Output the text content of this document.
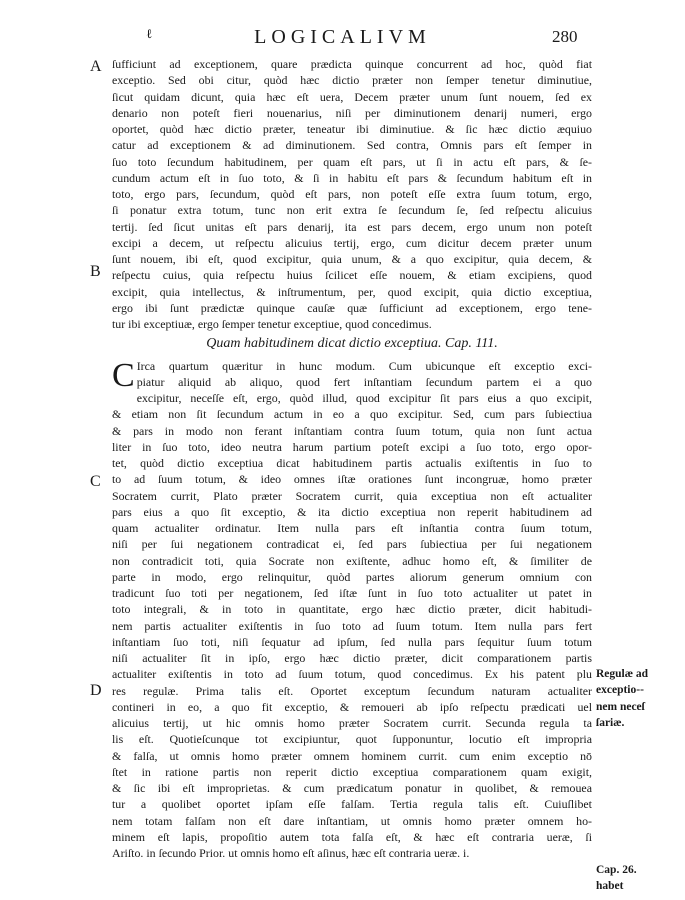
ℓ	LOGICALIVM	280
A
B
C
D
ſufficiunt ad exceptionem, quare prædicta quinque concurrent ad hoc, quòd fiat
exceptio. Sed obi citur, quòd hæc dictio præter non ſemper tenetur diminutiue,
ſicut quidam dicunt, quia hæc eſt uera, Decem præter unum ſunt nouem, ſed ex
denario non poteſt fieri nouenarius, niſi per diminutionem denarij numeri, ergo
oportet, quòd hæc dictio præter, teneatur ibi diminutiue. & ſic hæc dictio æquiuo
catur ad exceptionem & ad diminutionem. Sed contra, Omnis pars eſt ſemper in
ſuo toto ſecundum habitudinem, per quam eſt pars, ut ſi in actu eſt pars, & ſe-
cundum actum eſt in ſuo toto, & ſi in habitu eſt pars & ſecundum habitum eſt in
toto, ergo pars, ſecundum, quòd eſt pars, non poteſt eſſe extra ſuum totum, ergo,
ſi ponatur extra totum, tunc non erit extra ſe ſecundum ſe, ſed reſpectu alicuius
tertij. ſed ſicut unitas eſt pars denarij, ita est pars decem, ergo unum non poteſt
excipi a decem, ut reſpectu alicuius tertij, ergo, cum dicitur decem præter unum
ſunt nouem, ibi eſt, quod excipitur, quia unum, & a quo excipitur, quia decem, &
reſpectu cuius, quia reſpectu huius ſcilicet eſſe nouem, & etiam excipiens, quod
excipit, quia intellectus, & inſtrumentum, per, quod excipit, quia dictio exceptiua,
ergo ibi ſunt prædictæ quinque cauſæ quæ ſufficiunt ad exceptionem, ergo tene-
tur ibi exceptiuæ, ergo ſemper tenetur exceptiue, quod concedimus.
Quam habitudinem dicat dictio exceptiua. Cap. 111.
C Irca quartum quæritur in hunc modum. Cum ubicunque eſt exceptio exci-
piatur aliquid ab aliquo, quod fert inſtantiam ſecundum partem ei a quo
excipitur, neceſſe eſt, ergo, quòd illud, quod excipitur ſit pars eius a quo excipit,
& etiam non ſit ſecundum actum in eo a quo excipitur. Sed, cum pars ſubiectiua
& pars in modo non ferant inſtantiam contra ſuum totum, quia non ſunt actua
liter in ſuo toto, ideo neutra harum partium poteſt excipi a ſuo toto, ergo opor-
tet, quòd dictio exceptiua dicat habitudinem partis actualis exiſtentis in ſuo to
to ad ſuum totum, & ideo omnes iſtæ orationes ſunt incongruæ, homo præter
Socratem currit, Plato præter Socratem currit, quia exceptiua non eſt actualiter
pars eius a quo ſit exceptio, & ita dictio exceptiua non reperit habitudinem ad
quam actualiter ordinatur. Item nulla pars eſt inſtantia contra ſuum totum,
niſi per ſui negationem contradicat ei, ſed pars ſubiectiua per ſui negationem
non contradicit toti, quia Socrate non exiſtente, adhuc homo eſt, & ſimiliter de
parte in modo, ergo relinquitur, quòd partes aliorum generum omnium con
tradicunt ſuo toti per negationem, ſed iſtæ ſunt in ſuo toto actualiter ut patet in
toto integrali, & in toto in quantitate, ergo hæc dictio præter, dicit habitudi-
nem partis actualiter exiſtentis in ſuo toto ad ſuum totum. Item nulla pars fert
inſtantiam ſuo toti, niſi ſequatur ad ipſum, ſed nulla pars ſequitur ſuum totum
niſi actualiter ſit in ipſo, ergo hæc dictio præter, dicit comparationem partis
actualiter exiſtentis in toto ad ſuum totum, quod concedimus. Ex his patent plu
res regulæ. Prima talis eſt. Oportet exceptum ſecundum naturam actualiter
contineri in eo, a quo fit exceptio, & remoueri ab ipſo reſpectu prædicati uel
alicuius tertij, ut hic omnis homo præter Socratem currit. Secunda regula ta
lis eſt. Quotieſcunque tot excipiuntur, quot ſupponuntur, locutio eſt impropria
& falſa, ut omnis homo præter omnem hominem currit. cum enim exceptio nō
ſtet in ratione partis non reperit dictio exceptiua comparationem quam exigit,
& ſic ibi eſt improprietas. & cum prædicatum ponatur in quolibet, & remouea
tur a quolibet oportet ipſam eſſe falſam. Tertia regula talis eſt. Cuiuſlibet
nem totam falſam non eſt dare inſtantiam, ut omnis homo præter omnem ho-
minem eſt lapis, propoſitio autem tota falſa eſt, & hæc eſt contraria ueræ, ſi
Ariſto. in ſecundo Prior. ut omnis homo eſt aſinus, hæc eſt contraria ueræ. i.
Regulæ ad
exceptio--
nem neceſ
ſariæ.
Cap. 26.
habet
